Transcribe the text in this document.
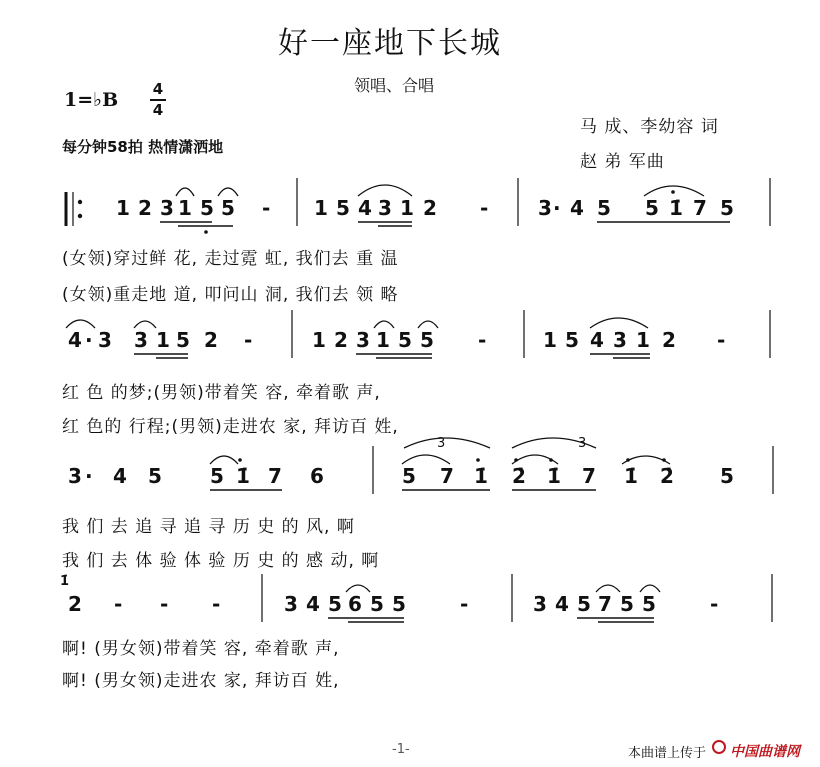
好一座地下长城
领唱、合唱
1=♭B 4
4
每分钟58拍 热情潇洒地
马 成、李幼容 词
赵 弟 军曲
1 2 3 1 5 5 - 1 5 4 3 1 2 - 3 · 4 5 5 1̇ 7 5
(女领)穿过鲜 花, 走过霓 虹, 我们去 重 温
(女领)重走地 道, 叩问山 洞, 我们去 领 略
4 · 3 3 1 5 2 -	1 2 3 1 5 5 -	1 5 4 3 1 2 -
红 色 的梦;(男领)带着笑 容, 牵着歌 声,
红 色的 行程;(男领)走进农 家, 拜访百 姓,
3 · 4 5 5 1̇ 7 6	5 7 1̇ 2̇ 1̇ 7 1̇ 2̇ 5
3	3
我 们 去 追 寻 追 寻 历 史 的 风, 啊
我 们 去 体 验 体 验 历 史 的 感 动, 啊
1̇
2 - - -	3 4 5 6 5 5	-	3 4 5 7 5 5	-
啊! (男女领)带着笑 容, 牵着歌 声,
啊! (男女领)走进农 家, 拜访百 姓,
-1-	本曲谱上传于 中国曲谱网
